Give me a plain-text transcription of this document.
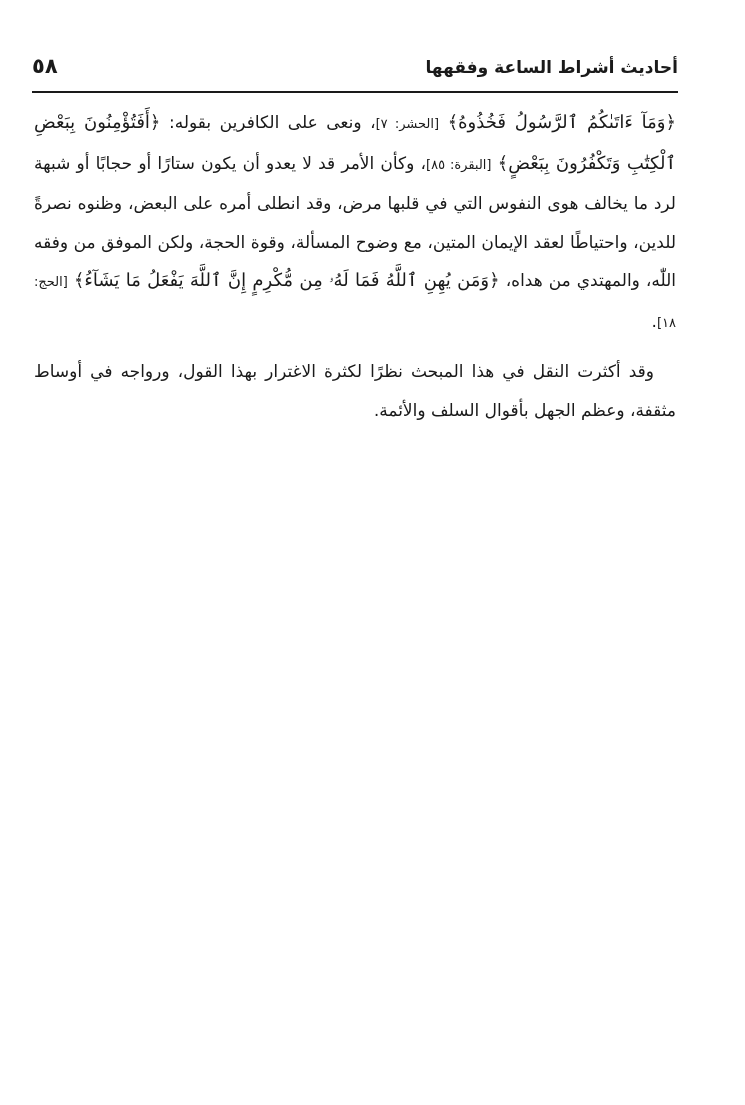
أحاديث أشراط الساعة وفقهها
٥٨

﴿وَمَآ ءَاتَىٰكُمُ ٱلرَّسُولُ فَخُذُوهُ﴾ [الحشر: ٧]، ونعى على الكافرين بقوله: ﴿أَفَتُؤْمِنُونَ بِبَعْضِ ٱلْكِتَٰبِ وَتَكْفُرُونَ بِبَعْضٍ﴾ [البقرة: ٨٥]، وكأن الأمر قد لا يعدو أن يكون ستارًا أو حجابًا أو شبهة لرد ما يخالف هوى النفوس التي في قلبها مرض، وقد انطلى أمره على البعض، وظنوه نصرةً للدين، واحتياطًا لعقد الإيمان المتين، مع وضوح المسألة، وقوة الحجة، ولكن الموفق من وفقه اللّٰه، والمهتدي من هداه، ﴿وَمَن يُهِنِ ٱللَّهُ فَمَا لَهُۥ مِن مُّكْرِمٍ إِنَّ ٱللَّهَ يَفْعَلُ مَا يَشَآءُ﴾ [الحج: ١٨].

وقد أكثرت النقل في هذا المبحث نظرًا لكثرة الاغترار بهذا القول، ورواجه في أوساط مثقفة، وعظم الجهل بأقوال السلف والأئمة.
